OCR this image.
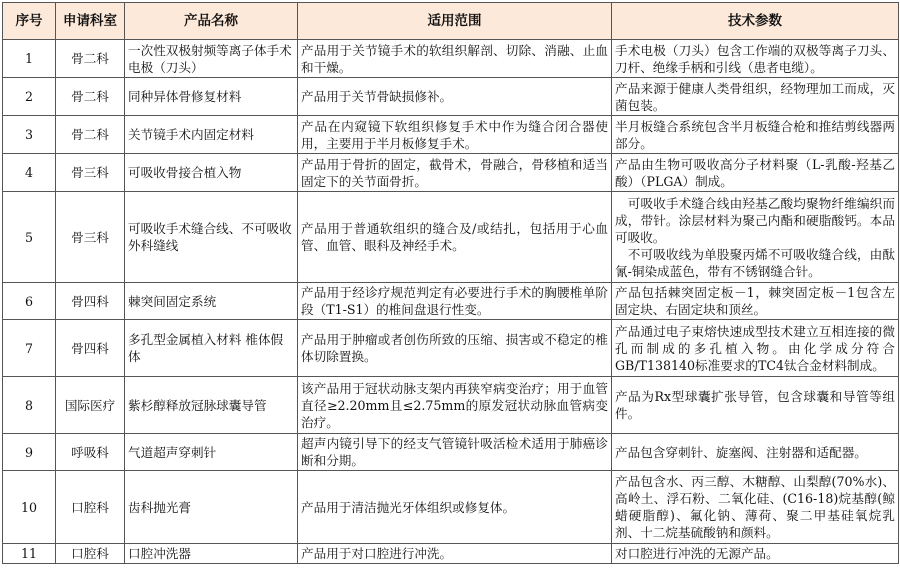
序号	申请科室	产品名称	适用范围	技术参数
1	骨二科	一次性双极射频等离子体手术电极（刀头）	产品用于关节镜手术的软组织解剖、切除、消融、止血和干燥。	手术电极（刀头）包含工作端的双极等离子刀头、刀杆、绝缘手柄和引线（患者电缆）。
2	骨二科	同种异体骨修复材料	产品用于关节骨缺损修补。	产品来源于健康人类骨组织，经物理加工而成，灭菌包装。
3	骨二科	关节镜手术内固定材料	产品在内窥镜下软组织修复手术中作为缝合闭合器使用，主要用于半月板修复手术。	半月板缝合系统包含半月板缝合枪和推结剪线器两部分。
4	骨三科	可吸收骨接合植入物	产品用于骨折的固定，截骨术，骨融合，骨移植和适当固定下的关节面骨折。	产品由生物可吸收高分子材料聚（L-乳酸-羟基乙酸）（PLGA）制成。
5	骨三科	可吸收手术缝合线、不可吸收外科缝线	产品用于普通软组织的缝合及/或结扎，包括用于心血管、血管、眼科及神经手术。	　可吸收手术缝合线由羟基乙酸均聚物纤维编织而成，带针。涂层材料为聚己内酯和硬脂酸钙。本品可吸收。
　不可吸收线为单股聚丙烯不可吸收缝合线，由酞氰-铜染成蓝色，带有不锈钢缝合针。

6	骨四科	棘突间固定系统	产品用于经诊疗规范判定有必要进行手术的胸腰椎单阶段（T1-S1）的椎间盘退行性变。	产品包括棘突固定板－1，棘突固定板－1包含左固定块、右固定块和顶丝。
7	骨四科	多孔型金属植入材料 椎体假体	产品用于肿瘤或者创伤所致的压缩、损害或不稳定的椎体切除置换。	产品通过电子束熔快速成型技术建立互相连接的微孔而制成的多孔植入物。由化学成分符合GB/T138140标准要求的TC4钛合金材料制成。
8	国际医疗	紫杉醇释放冠脉球囊导管	该产品用于冠状动脉支架内再狭窄病变治疗；用于血管直径≥2.20mm且≤2.75mm的原发冠状动脉血管病变治疗。	产品为Rx型球囊扩张导管，包含球囊和导管等组件。
9	呼吸科	气道超声穿刺针	超声内镜引导下的经支气管镜针吸活检术适用于肺癌诊断和分期。	产品包含穿刺针、旋塞阀、注射器和适配器。
10	口腔科	齿科抛光膏	产品用于清洁抛光牙体组织或修复体。	产品包含水、丙三醇、木糖醇、山梨醇(70%水)、高岭土、浮石粉、二氧化硅、(C16-18)烷基醇(鲸蜡硬脂醇)、氟化钠、薄荷、聚二甲基硅氧烷乳剂、十二烷基硫酸钠和颜料。
11	口腔科	口腔冲洗器	产品用于对口腔进行冲洗。	对口腔进行冲洗的无源产品。
